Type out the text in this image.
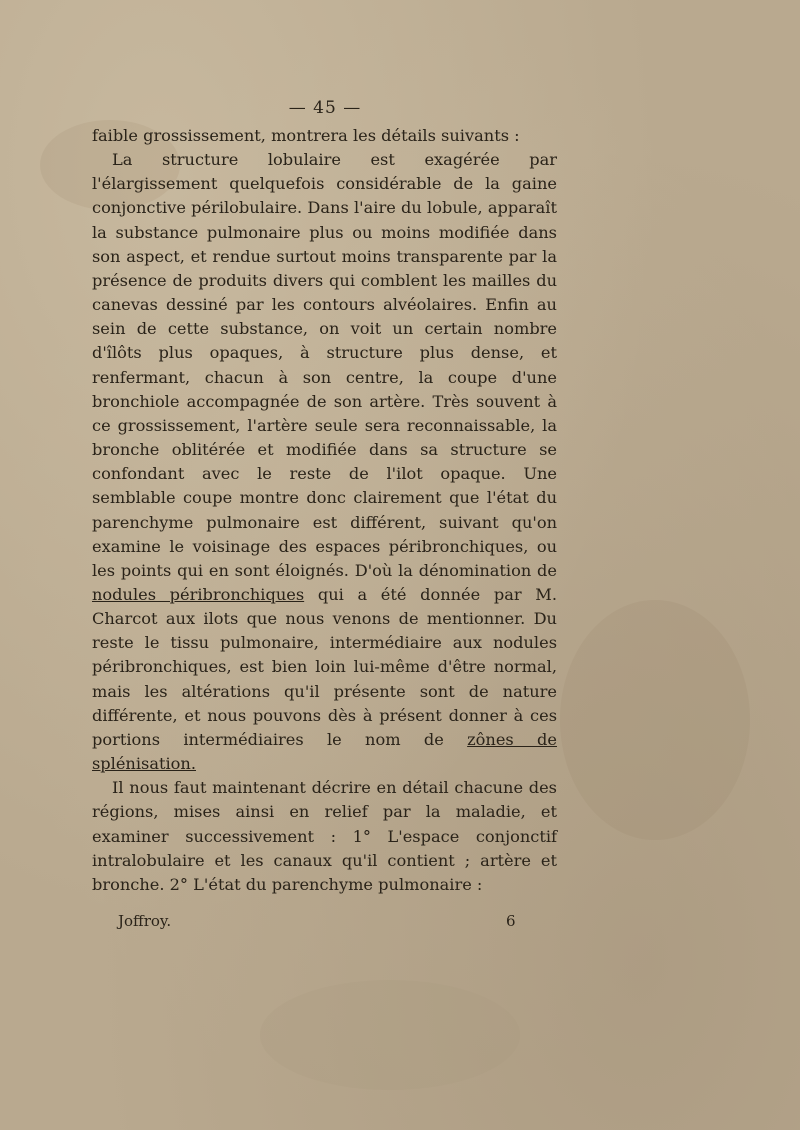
— 45 —

faible grossissement, montrera les détails suivants :

La structure lobulaire est exagérée par l'élargissement quelquefois considérable de la gaine conjonctive périlobulaire. Dans l'aire du lobule, apparaît la substance pulmonaire plus ou moins modifiée dans son aspect, et rendue surtout moins transparente par la présence de produits divers qui comblent les mailles du canevas dessiné par les contours alvéolaires. Enfin au sein de cette substance, on voit un certain nombre d'îlôts plus opaques, à structure plus dense, et renfermant, chacun à son centre, la coupe d'une bronchiole accompagnée de son artère. Très souvent à ce grossissement, l'artère seule sera reconnaissable, la bronche oblitérée et modifiée dans sa structure se confondant avec le reste de l'ilot opaque. Une semblable coupe montre donc clairement que l'état du parenchyme pulmonaire est différent, suivant qu'on examine le voisinage des espaces péribronchiques, ou les points qui en sont éloignés. D'où la dénomination de nodules péribronchiques qui a été donnée par M. Charcot aux ilots que nous venons de mentionner. Du reste le tissu pulmonaire, intermédiaire aux nodules péribronchiques, est bien loin lui-même d'être normal, mais les altérations qu'il présente sont de nature différente, et nous pouvons dès à présent donner à ces portions intermédiaires le nom de zônes de splénisation.

Il nous faut maintenant décrire en détail chacune des régions, mises ainsi en relief par la maladie, et examiner successivement : 1° L'espace conjonctif intralobulaire et les canaux qu'il contient ; artère et bronche. 2° L'état du parenchyme pulmonaire :

Joffroy.	6
